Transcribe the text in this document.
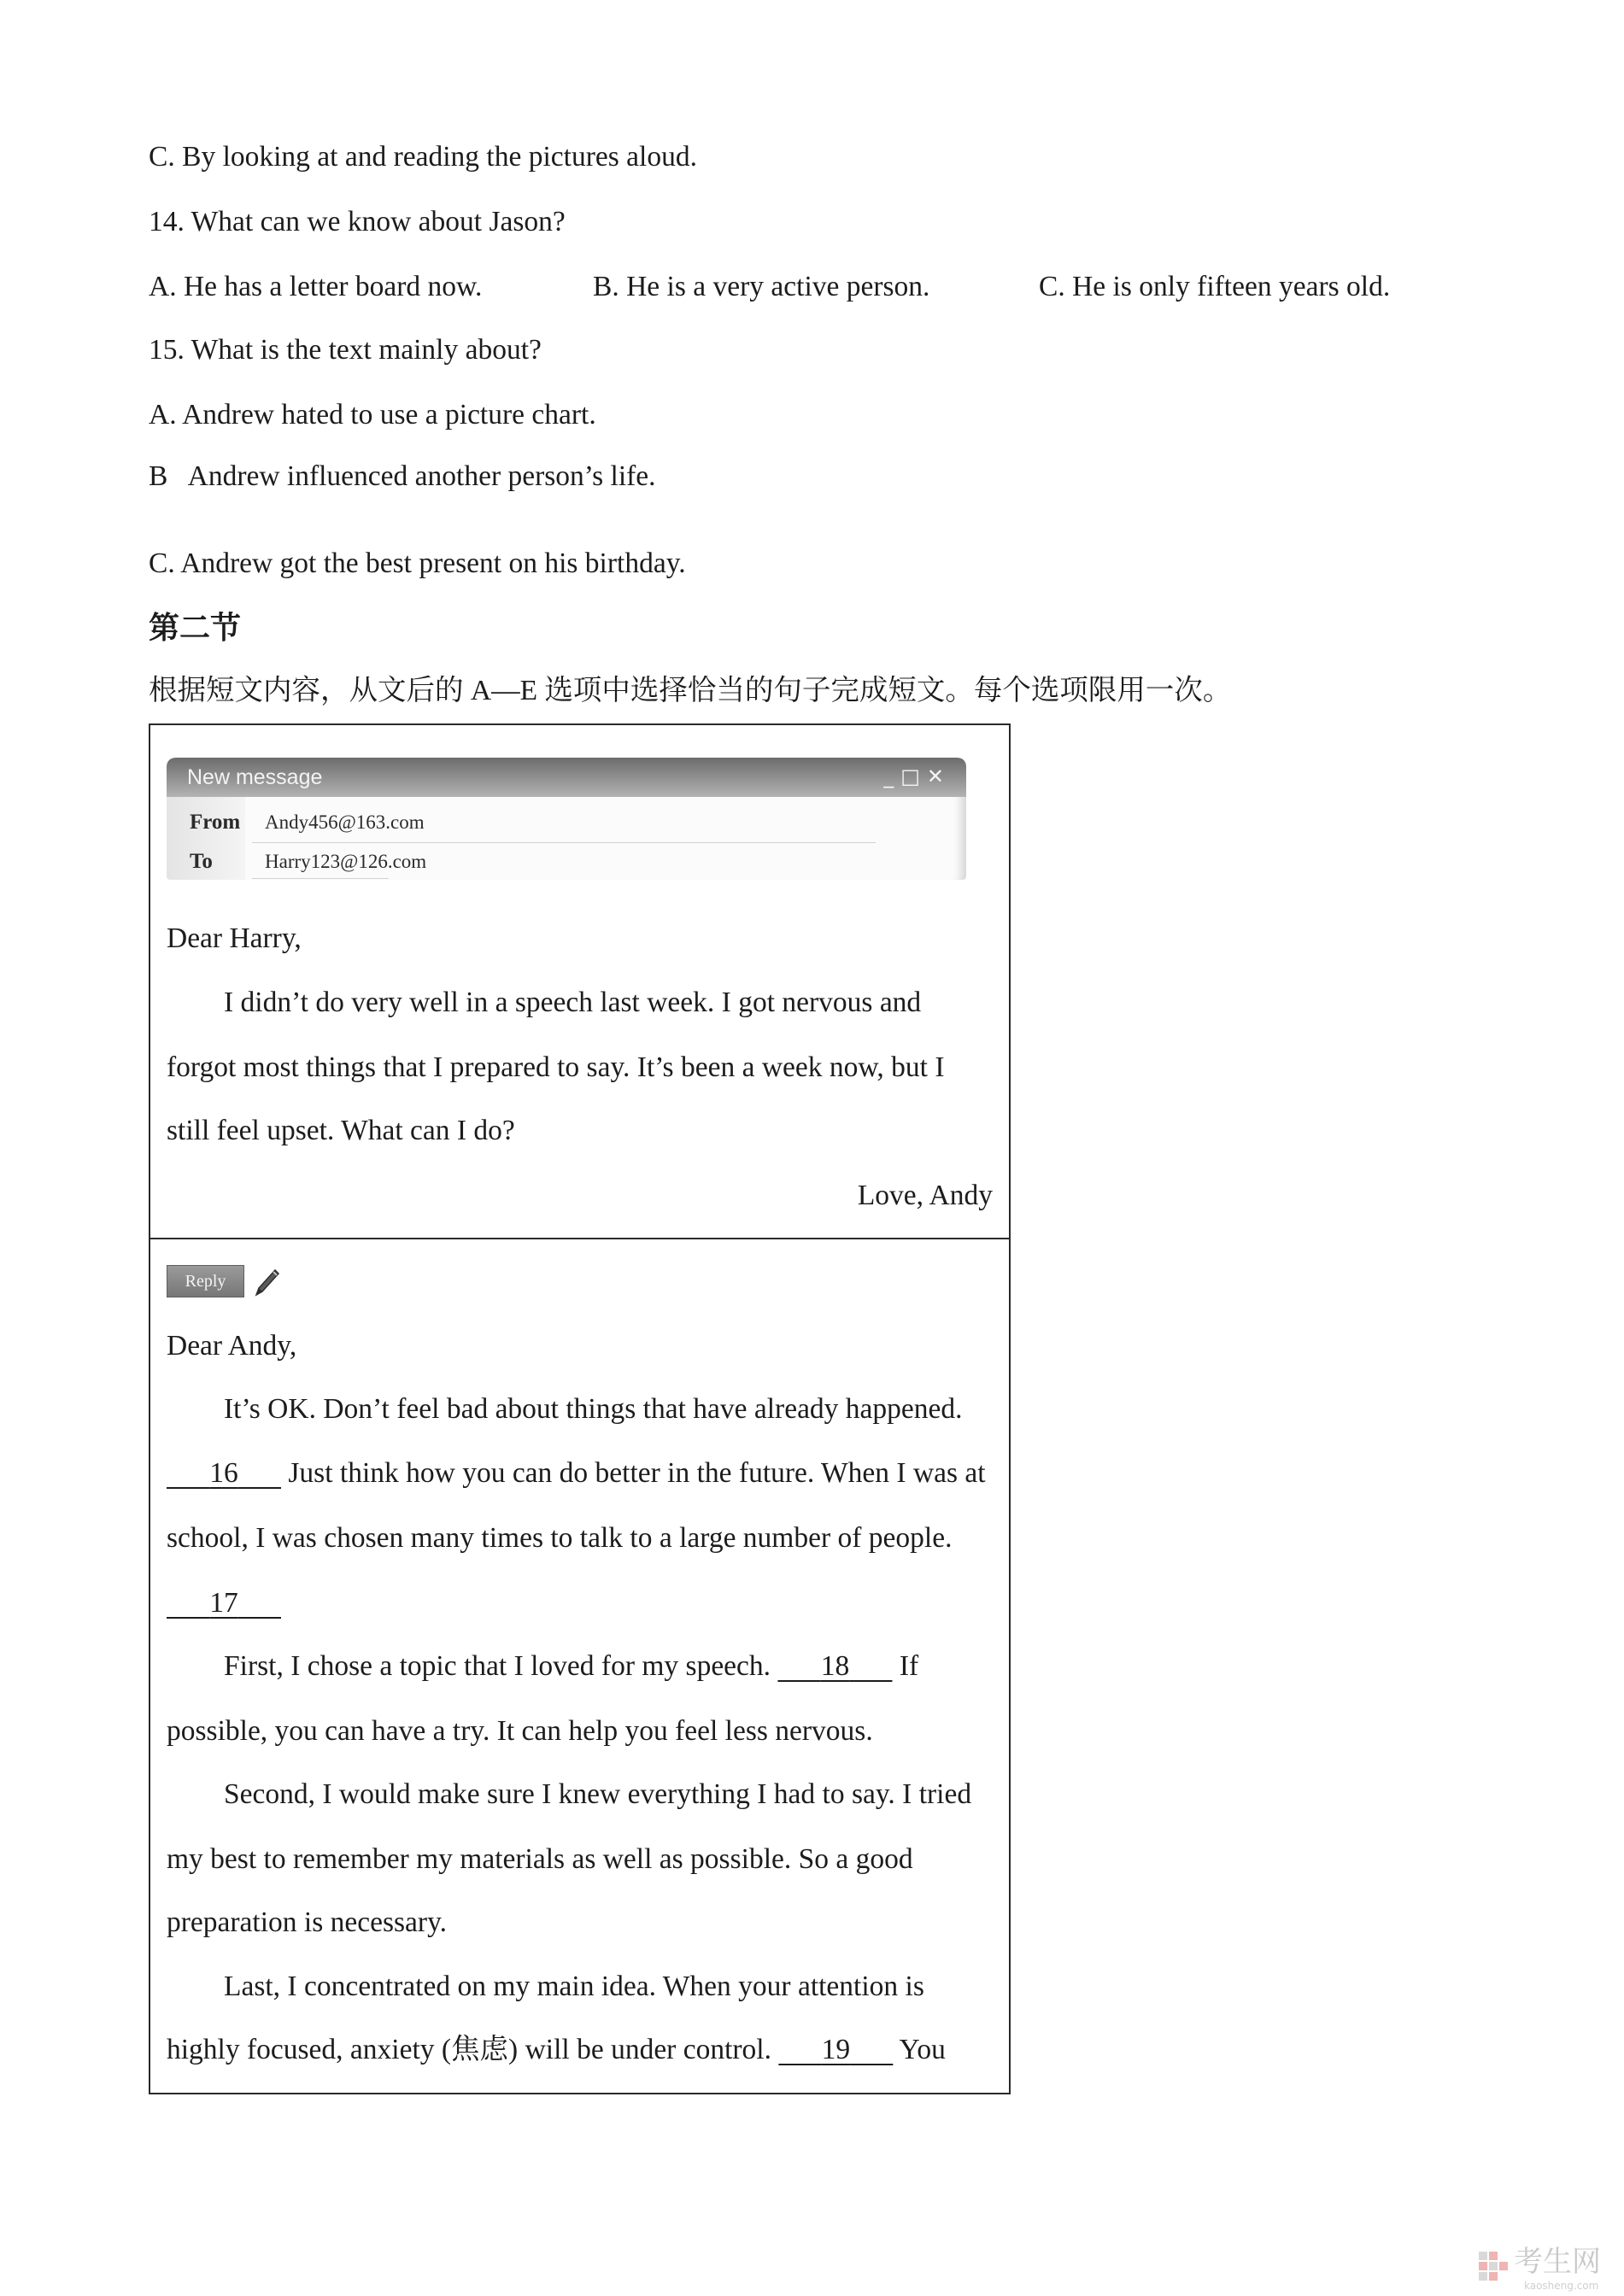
C. By looking at and reading the pictures aloud.
14. What can we know about Jason?
A. He has a letter board now.	B. He is a very active person.	C. He is only fifteen years old.
15. What is the text mainly about?
A. Andrew hated to use a picture chart.
B   Andrew influenced another person’s life.
C. Andrew got the best present on his birthday.
第二节
根据短文内容，从文后的 A—E 选项中选择恰当的句子完成短文。每个选项限用一次。
New message	_ □ ✕
From Andy456@163.com
To	Harry123@126.com
Dear Harry,
I didn’t do very well in a speech last week. I got nervous and
forgot most things that I prepared to say. It’s been a week now, but I
still feel upset. What can I do?
Love, Andy
Reply
Dear Andy,
It’s OK. Don’t feel bad about things that have already happened.
16 Just think how you can do better in the future. When I was at
school, I was chosen many times to talk to a large number of people.
17
First, I chose a topic that I loved for my speech. 18 If
possible, you can have a try. It can help you feel less nervous.
Second, I would make sure I knew everything I had to say. I tried
my best to remember my materials as well as possible. So a good
preparation is necessary.
Last, I concentrated on my main idea. When your attention is
highly focused, anxiety (焦虑) will be under control. 19 You
考生网
kaosheng.com
